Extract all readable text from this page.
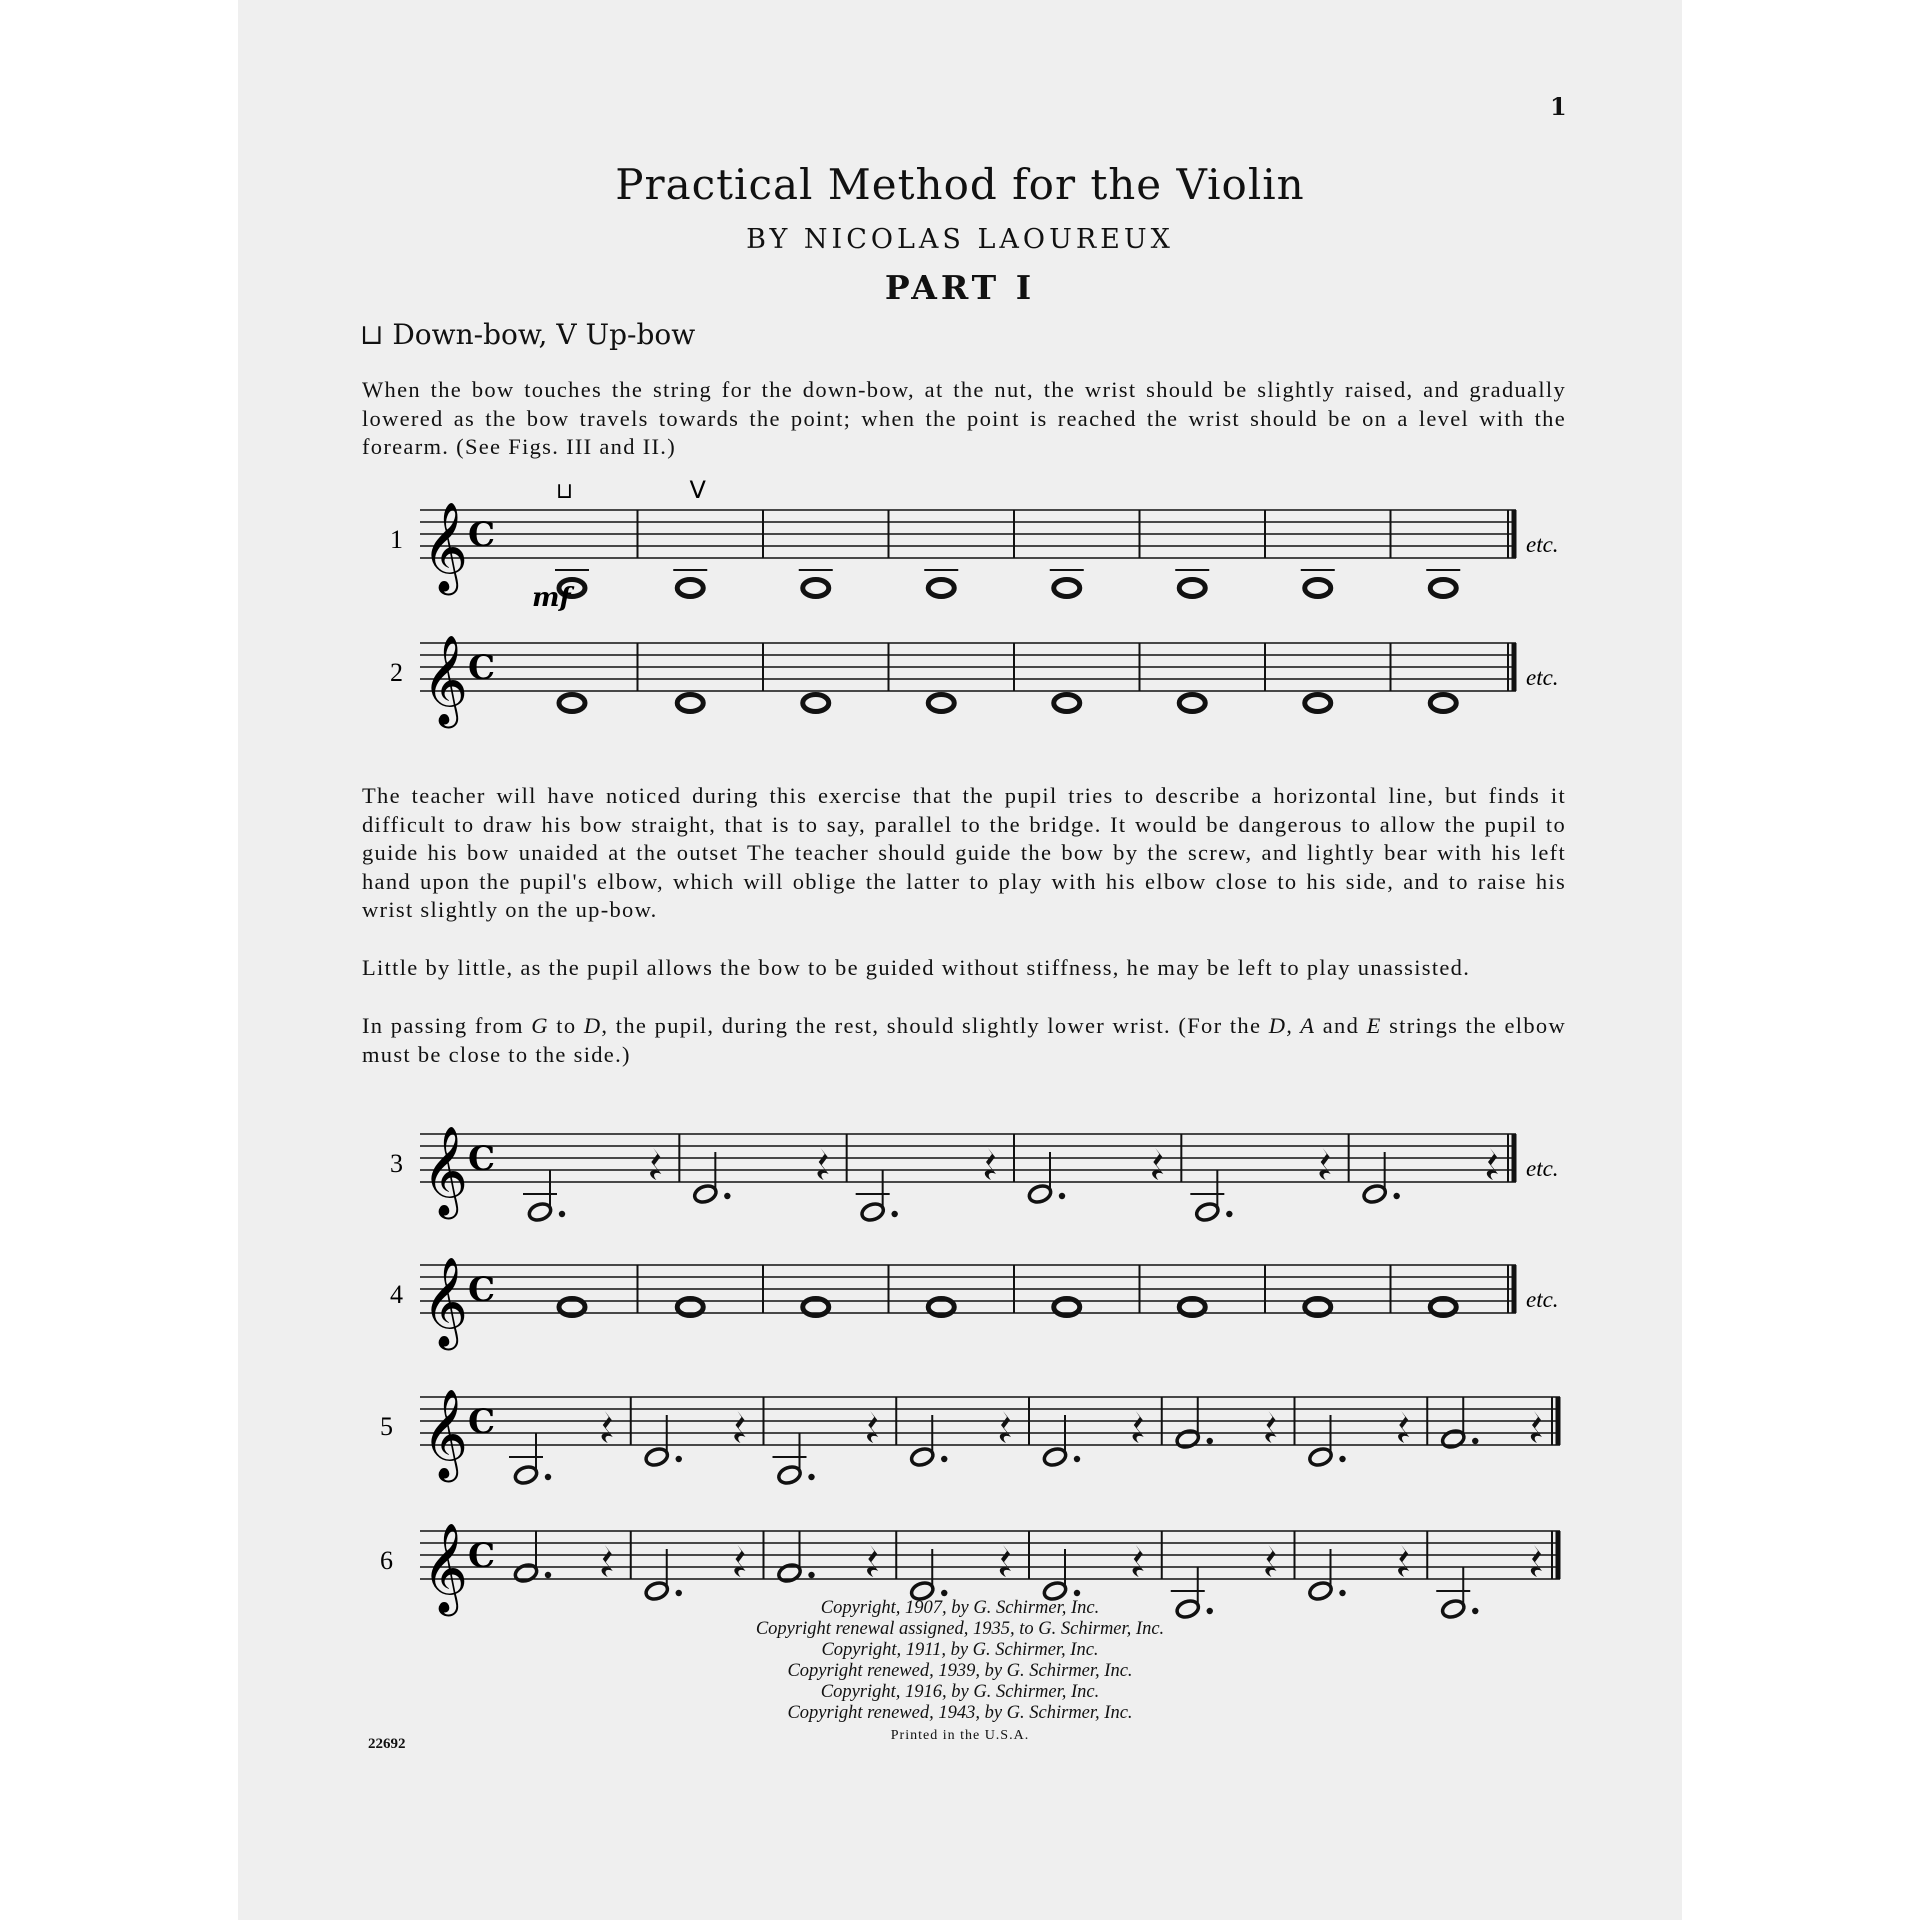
1
Practical Method for the Violin
BY NICOLAS LAOUREUX
PART I
⊔ Down-bow, V Up-bow

When the bow touches the string for the down-bow, at the nut, the wrist should be slightly raised, and gradually lowered as the bow travels towards the point; when the point is reached the wrist should be on a level with the forearm. (See Figs. III and II.)

The teacher will have noticed during this exercise that the pupil tries to describe a horizontal line, but finds it difficult to draw his bow straight, that is to say, parallel to the bridge. It would be dangerous to allow the pupil to guide his bow unaided at the outset The teacher should guide the bow by the screw, and lightly bear with his left hand upon the pupil's elbow, which will oblige the latter to play with his elbow close to his side, and to raise his wrist slightly on the up-bow.

Little by little, as the pupil allows the bow to be guided without stiffness, he may be left to play unassisted.

In passing from G to D, the pupil, during the rest, should slightly lower wrist. (For the D, A and E strings the elbow must be close to the side.)

1 𝄞 C	etc.
⊔	V
mf
2 𝄞 C	etc.
3 𝄞 C	etc.
4 𝄞 C	etc.
5 𝄞 C
6 𝄞 C
Copyright, 1907, by G. Schirmer, Inc.
Copyright renewal assigned, 1935, to G. Schirmer, Inc.
Copyright, 1911, by G. Schirmer, Inc.
Copyright renewed, 1939, by G. Schirmer, Inc.
Copyright, 1916, by G. Schirmer, Inc.
Copyright renewed, 1943, by G. Schirmer, Inc.
Printed in the U.S.A.
22692
